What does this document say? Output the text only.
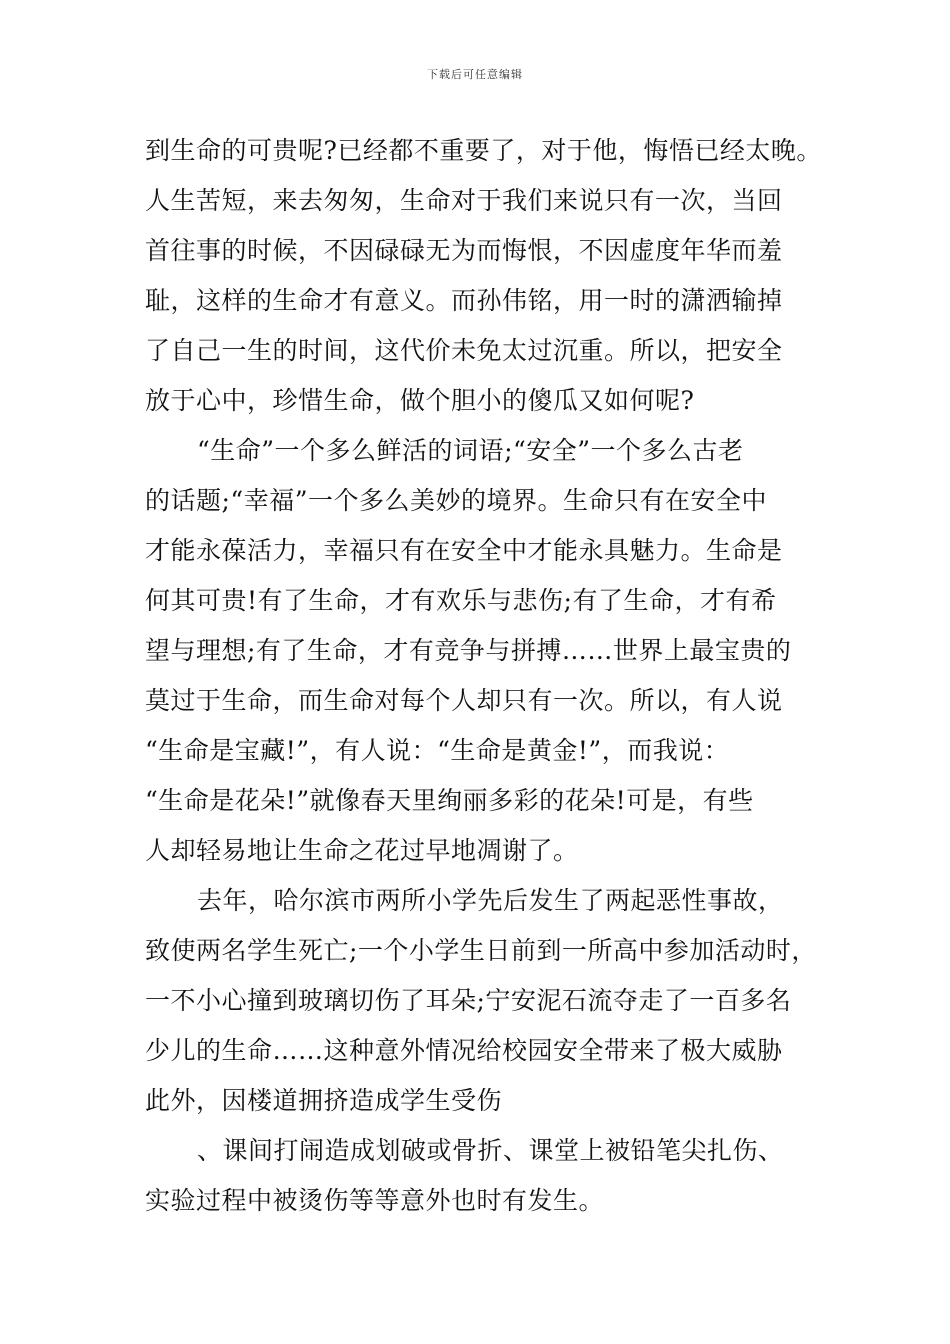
下载后可任意编辑
到生命的可贵呢?已经都不重要了，对于他，悔悟已经太晚。
人生苦短，来去匆匆，生命对于我们来说只有一次，当回
首往事的时候，不因碌碌无为而悔恨，不因虚度年华而羞
耻，这样的生命才有意义。而孙伟铭，用一时的潇洒输掉
了自己一生的时间，这代价未免太过沉重。所以，把安全
放于心中，珍惜生命，做个胆小的傻瓜又如何呢?
“生命”一个多么鲜活的词语;“安全”一个多么古老
的话题;“幸福”一个多么美妙的境界。生命只有在安全中
才能永葆活力，幸福只有在安全中才能永具魅力。生命是
何其可贵!有了生命，才有欢乐与悲伤;有了生命，才有希
望与理想;有了生命，才有竞争与拼搏……世界上最宝贵的
莫过于生命，而生命对每个人却只有一次。所以，有人说
“生命是宝藏!”，有人说：“生命是黄金!”，而我说：
“生命是花朵!”就像春天里绚丽多彩的花朵!可是，有些
人却轻易地让生命之花过早地凋谢了。
去年，哈尔滨市两所小学先后发生了两起恶性事故，
致使两名学生死亡;一个小学生日前到一所高中参加活动时，
一不小心撞到玻璃切伤了耳朵;宁安泥石流夺走了一百多名
少儿的生命……这种意外情况给校园安全带来了极大威胁
此外，因楼道拥挤造成学生受伤
、课间打闹造成划破或骨折、课堂上被铅笔尖扎伤、
实验过程中被烫伤等等意外也时有发生。
